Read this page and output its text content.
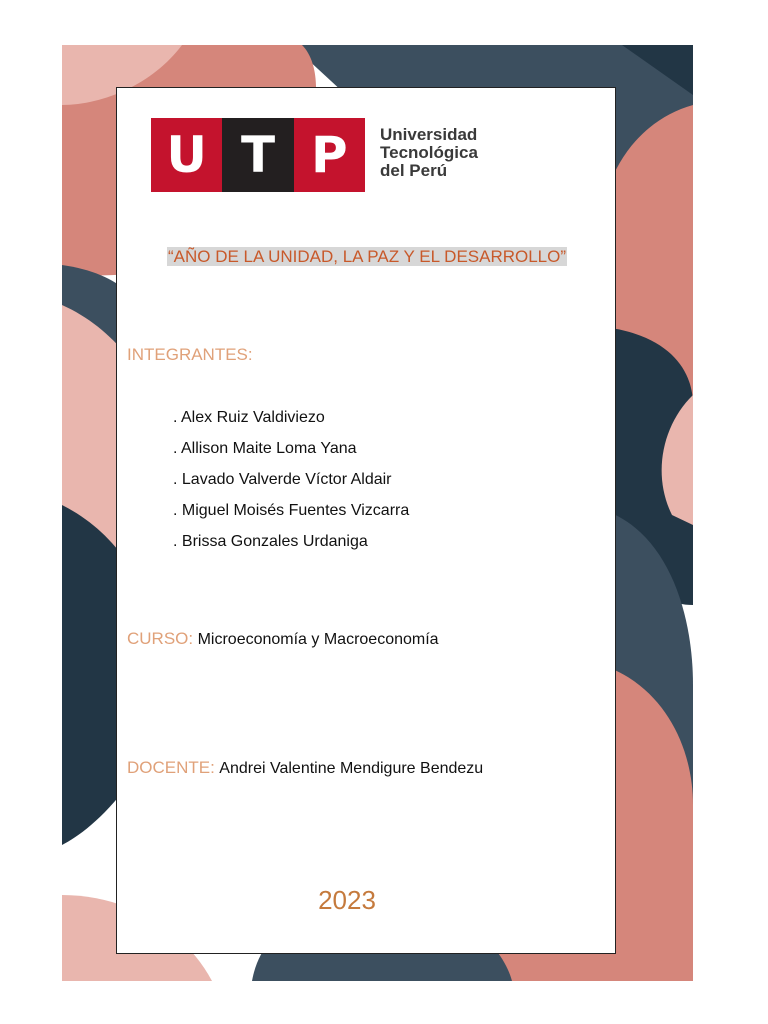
U T P	Universidad
Tecnológica
del Perú
“AÑO DE LA UNIDAD, LA PAZ Y EL DESARROLLO”
INTEGRANTES:
. Alex Ruiz Valdiviezo
. Allison Maite Loma Yana
. Lavado Valverde Víctor Aldair
. Miguel Moisés Fuentes Vizcarra
. Brissa Gonzales Urdaniga
CURSO: Microeconomía y Macroeconomía
DOCENTE: Andrei Valentine Mendigure Bendezu
2023
